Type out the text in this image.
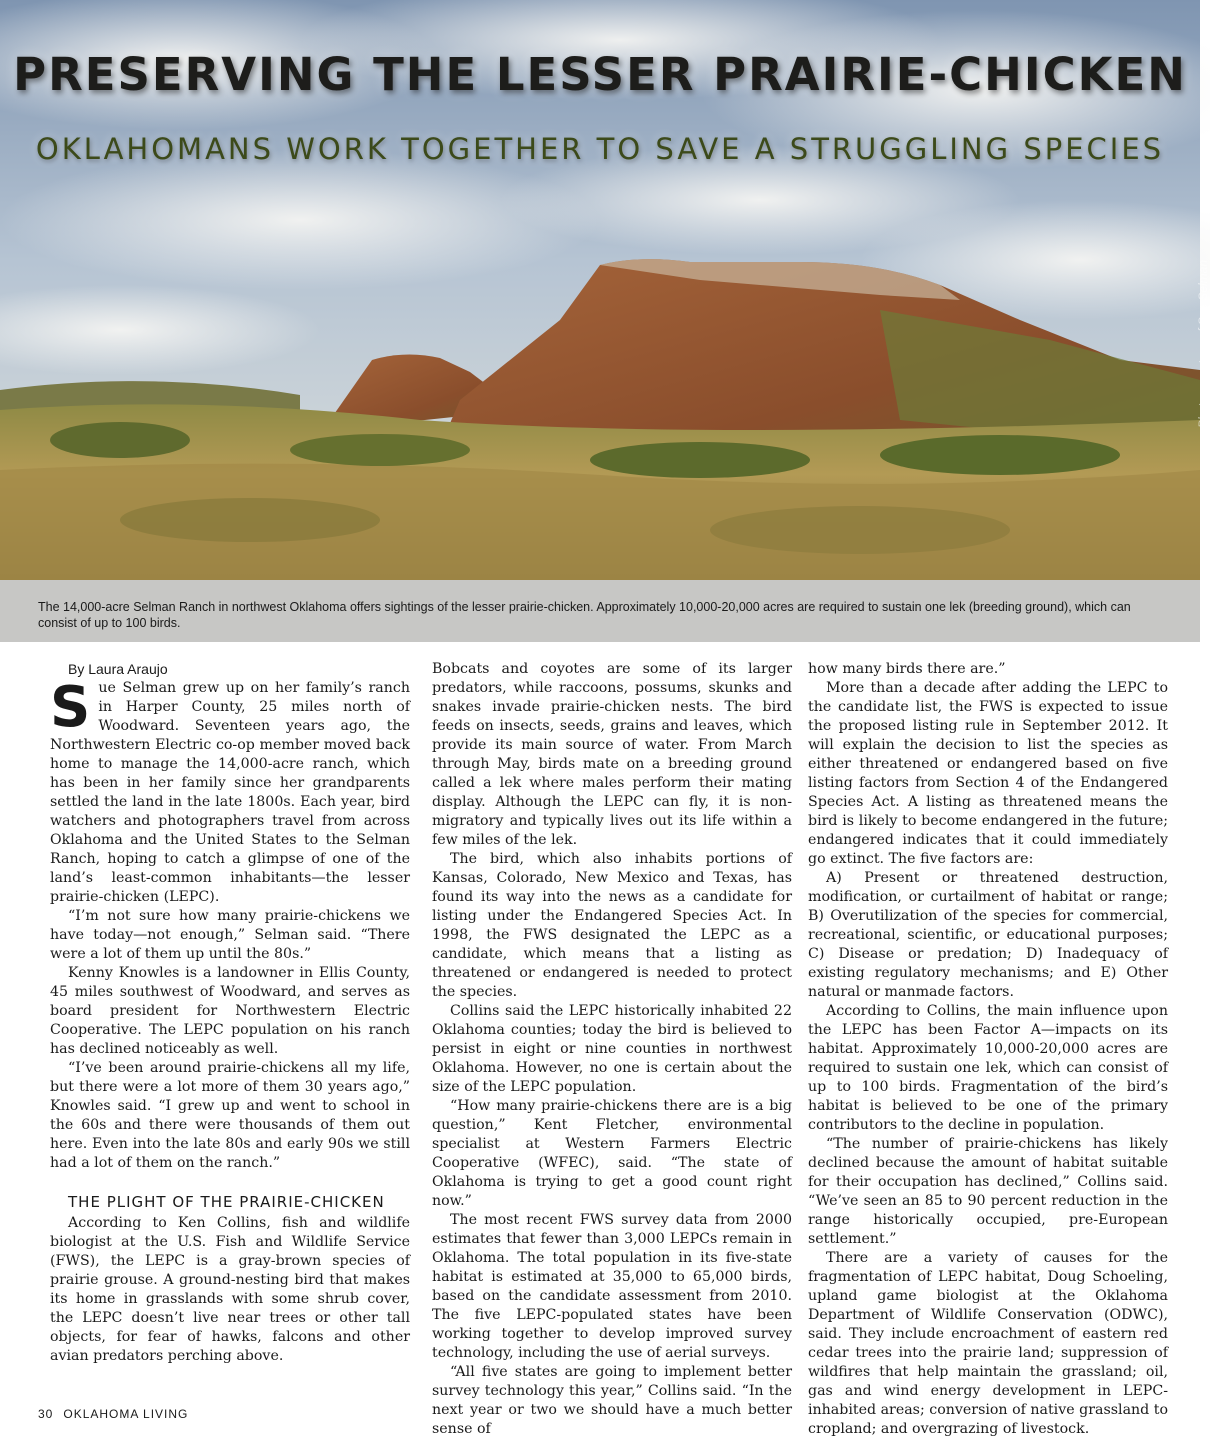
PRESERVING THE LESSER PRAIRIE-CHICKEN
OKLAHOMANS WORK TOGETHER TO SAVE A STRUGGLING SPECIES
Photos courtesy of Sue Selman

The 14,000-acre Selman Ranch in northwest Oklahoma offers sightings of the lesser prairie-chicken. Approximately 10,000-20,000 acres are required to sustain one lek (breeding ground), which can consist of up to 100 birds.

By Laura Araujo

Sue Selman grew up on her family’s ranch in Harper County, 25 miles north of Woodward. Seventeen years ago, the Northwestern Electric co-op member moved back home to manage the 14,000-acre ranch, which has been in her family since her grandparents settled the land in the late 1800s. Each year, bird watchers and photographers travel from across Oklahoma and the United States to the Selman Ranch, hoping to catch a glimpse of one of the land’s least-common inhabitants—the lesser prairie-chicken (LEPC).

“I’m not sure how many prairie-chickens we have today—not enough,” Selman said. “There were a lot of them up until the 80s.”

Kenny Knowles is a landowner in Ellis County, 45 miles southwest of Woodward, and serves as board president for Northwestern Electric Cooperative. The LEPC population on his ranch has declined noticeably as well.

“I’ve been around prairie-chickens all my life, but there were a lot more of them 30 years ago,” Knowles said. “I grew up and went to school in the 60s and there were thousands of them out here. Even into the late 80s and early 90s we still had a lot of them on the ranch.”

THE PLIGHT OF THE PRAIRIE-CHICKEN

According to Ken Collins, fish and wildlife biologist at the U.S. Fish and Wildlife Service (FWS), the LEPC is a gray-brown species of prairie grouse. A ground-nesting bird that makes its home in grasslands with some shrub cover, the LEPC doesn’t live near trees or other tall objects, for fear of hawks, falcons and other avian predators perching above.

Bobcats and coyotes are some of its larger predators, while raccoons, possums, skunks and snakes invade prairie-chicken nests. The bird feeds on insects, seeds, grains and leaves, which provide its main source of water. From March through May, birds mate on a breeding ground called a lek where males perform their mating display. Although the LEPC can fly, it is non-migratory and typically lives out its life within a few miles of the lek.

The bird, which also inhabits portions of Kansas, Colorado, New Mexico and Texas, has found its way into the news as a candidate for listing under the Endangered Species Act. In 1998, the FWS designated the LEPC as a candidate, which means that a listing as threatened or endangered is needed to protect the species.

Collins said the LEPC historically inhabited 22 Oklahoma counties; today the bird is believed to persist in eight or nine counties in northwest Oklahoma. However, no one is certain about the size of the LEPC population.

“How many prairie-chickens there are is a big question,” Kent Fletcher, environmental specialist at Western Farmers Electric Cooperative (WFEC), said. “The state of Oklahoma is trying to get a good count right now.”

The most recent FWS survey data from 2000 estimates that fewer than 3,000 LEPCs remain in Oklahoma. The total population in its five-state habitat is estimated at 35,000 to 65,000 birds, based on the candidate assessment from 2010. The five LEPC-populated states have been working together to develop improved survey technology, including the use of aerial surveys.

“All five states are going to implement better survey technology this year,” Collins said. “In the next year or two we should have a much better sense of

how many birds there are.”

More than a decade after adding the LEPC to the candidate list, the FWS is expected to issue the proposed listing rule in September 2012. It will explain the decision to list the species as either threatened or endangered based on five listing factors from Section 4 of the Endangered Species Act. A listing as threatened means the bird is likely to become endangered in the future; endangered indicates that it could immediately go extinct. The five factors are:

A) Present or threatened destruction, modification, or curtailment of habitat or range; B) Overutilization of the species for commercial, recreational, scientific, or educational purposes; C) Disease or predation; D) Inadequacy of existing regulatory mechanisms; and E) Other natural or manmade factors.

According to Collins, the main influence upon the LEPC has been Factor A—impacts on its habitat. Approximately 10,000-20,000 acres are required to sustain one lek, which can consist of up to 100 birds. Fragmentation of the bird’s habitat is believed to be one of the primary contributors to the decline in population.

“The number of prairie-chickens has likely declined because the amount of habitat suitable for their occupation has declined,” Collins said. “We’ve seen an 85 to 90 percent reduction in the range historically occupied, pre-European settlement.”

There are a variety of causes for the fragmentation of LEPC habitat, Doug Schoeling, upland game biologist at the Oklahoma Department of Wildlife Conservation (ODWC), said. They include encroachment of eastern red cedar trees into the prairie land; suppression of wildfires that help maintain the grassland; oil, gas and wind energy development in LEPC-inhabited areas; conversion of native grassland to cropland; and overgrazing of livestock.

30 OKLAHOMA LIVING
